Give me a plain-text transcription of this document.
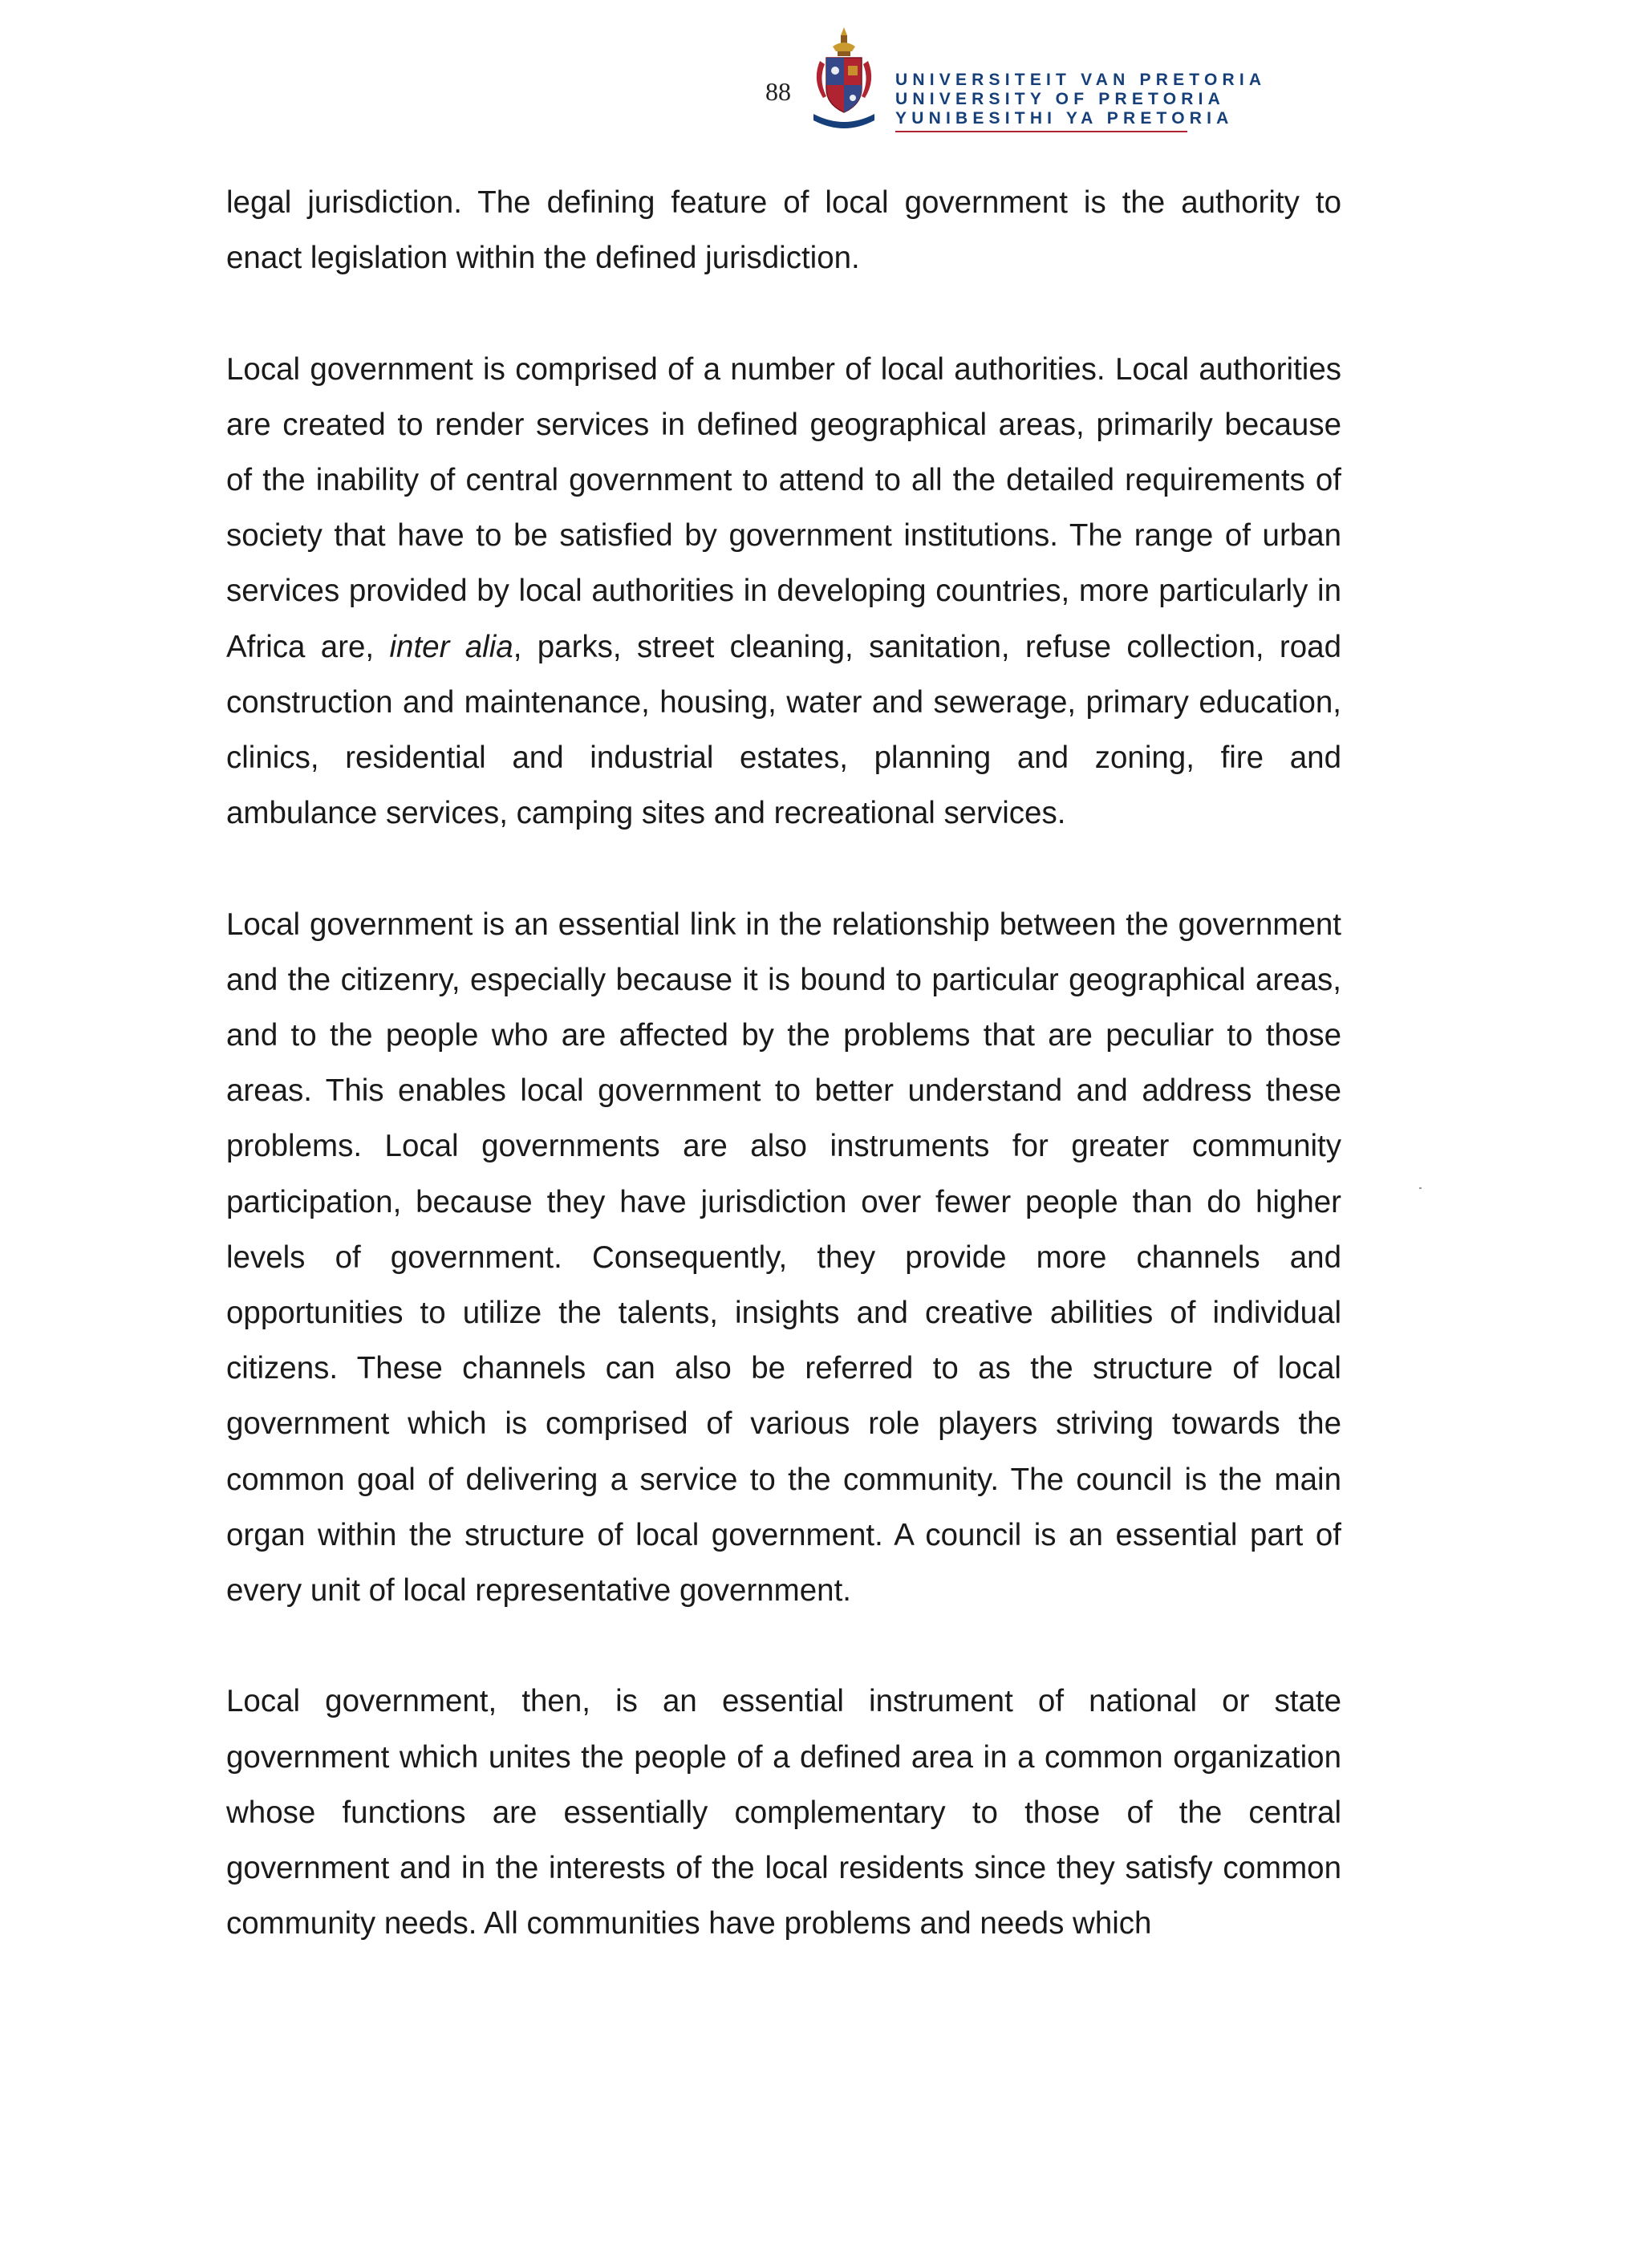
88	UNIVERSITEIT VAN PRETORIA
UNIVERSITY OF PRETORIA
YUNIBESITHI YA PRETORIA

legal jurisdiction. The defining feature of local government is the authority to enact legislation within the defined jurisdiction.

Local government is comprised of a number of local authorities. Local authorities are created to render services in defined geographical areas, primarily because of the inability of central government to attend to all the detailed requirements of society that have to be satisfied by government institutions. The range of urban services provided by local authorities in developing countries, more particularly in Africa are, inter alia, parks, street cleaning, sanitation, refuse collection, road construction and maintenance, housing, water and sewerage, primary education, clinics, residential and industrial estates, planning and zoning, fire and ambulance services, camping sites and recreational services.

Local government is an essential link in the relationship between the government and the citizenry, especially because it is bound to particular geographical areas, and to the people who are affected by the problems that are peculiar to those areas. This enables local government to better understand and address these problems. Local governments are also instruments for greater community participation, because they have jurisdiction over fewer people than do higher levels of government. Consequently, they provide more channels and opportunities to utilize the talents, insights and creative abilities of individual citizens. These channels can also be referred to as the structure of local government which is comprised of various role players striving towards the common goal of delivering a service to the community. The council is the main organ within the structure of local government. A council is an essential part of every unit of local representative government.

Local government, then, is an essential instrument of national or state government which unites the people of a defined area in a common organization whose functions are essentially complementary to those of the central government and in the interests of the local residents since they satisfy common community needs. All communities have problems and needs which
